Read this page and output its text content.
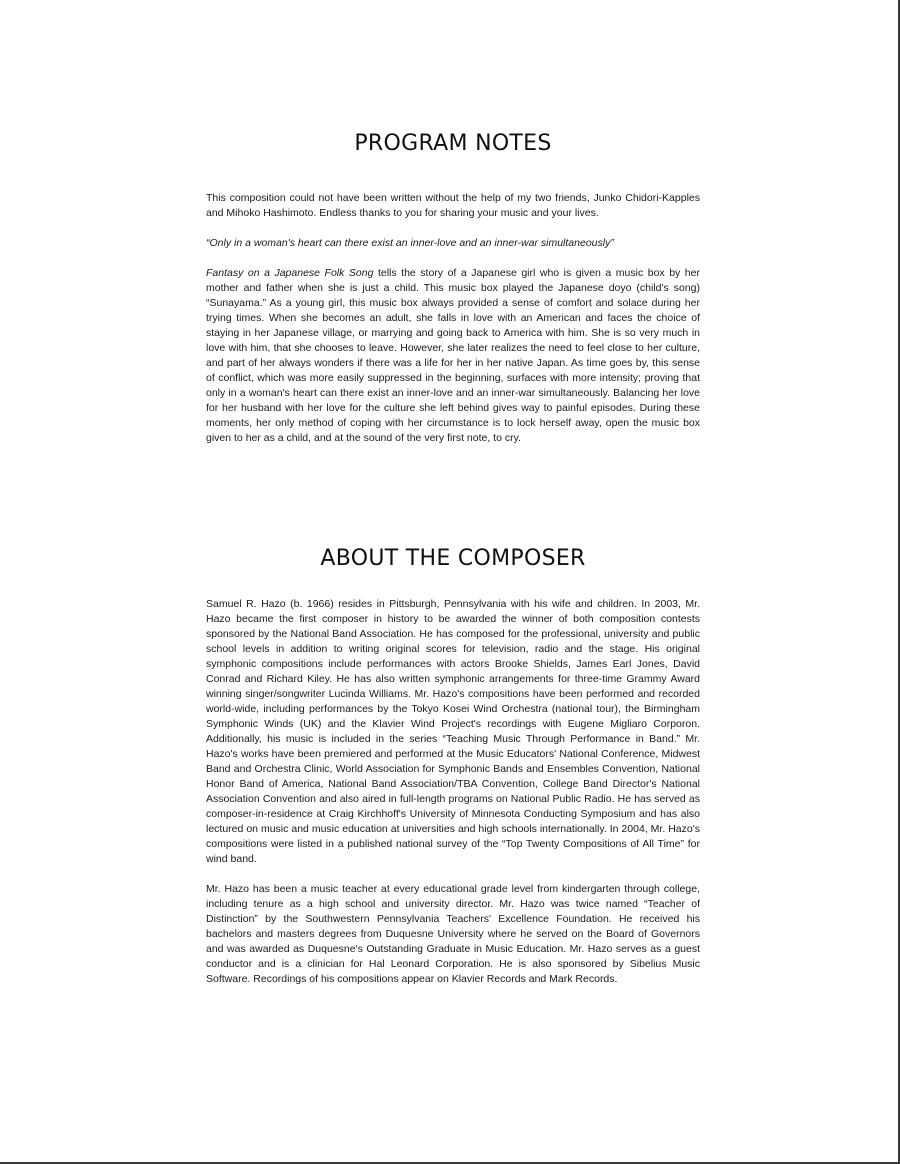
PROGRAM NOTES

This composition could not have been written without the help of my two friends, Junko Chidori-Kapples and Mihoko Hashimoto. Endless thanks to you for sharing your music and your lives.

“Only in a woman's heart can there exist an inner-love and an inner-war simultaneously”

Fantasy on a Japanese Folk Song tells the story of a Japanese girl who is given a music box by her mother and father when she is just a child. This music box played the Japanese doyo (child's song) “Sunayama.” As a young girl, this music box always provided a sense of comfort and solace during her trying times. When she becomes an adult, she falls in love with an American and faces the choice of staying in her Japanese village, or marrying and going back to America with him. She is so very much in love with him, that she chooses to leave. However, she later realizes the need to feel close to her culture, and part of her always wonders if there was a life for her in her native Japan. As time goes by, this sense of conflict, which was more easily suppressed in the beginning, surfaces with more intensity; proving that only in a woman's heart can there exist an inner-love and an inner-war simultaneously. Balancing her love for her husband with her love for the culture she left behind gives way to painful episodes. During these moments, her only method of coping with her circumstance is to lock herself away, open the music box given to her as a child, and at the sound of the very first note, to cry.

ABOUT THE COMPOSER

Samuel R. Hazo (b. 1966) resides in Pittsburgh, Pennsylvania with his wife and children. In 2003, Mr. Hazo became the first composer in history to be awarded the winner of both composition contests sponsored by the National Band Association. He has composed for the professional, university and public school levels in addition to writing original scores for television, radio and the stage. His original symphonic compositions include performances with actors Brooke Shields, James Earl Jones, David Conrad and Richard Kiley. He has also written symphonic arrangements for three-time Grammy Award winning singer/songwriter Lucinda Williams. Mr. Hazo's compositions have been performed and recorded world-wide, including performances by the Tokyo Kosei Wind Orchestra (national tour), the Birmingham Symphonic Winds (UK) and the Klavier Wind Project's recordings with Eugene Migliaro Corporon. Additionally, his music is included in the series “Teaching Music Through Performance in Band.” Mr. Hazo's works have been premiered and performed at the Music Educators' National Conference, Midwest Band and Orchestra Clinic, World Association for Symphonic Bands and Ensembles Convention, National Honor Band of America, National Band Association/TBA Convention, College Band Director's National Association Convention and also aired in full-length programs on National Public Radio. He has served as composer-in-residence at Craig Kirchhoff's University of Minnesota Conducting Symposium and has also lectured on music and music education at universities and high schools internationally. In 2004, Mr. Hazo's compositions were listed in a published national survey of the “Top Twenty Compositions of All Time” for wind band.

Mr. Hazo has been a music teacher at every educational grade level from kindergarten through college, including tenure as a high school and university director. Mr. Hazo was twice named “Teacher of Distinction” by the Southwestern Pennsylvania Teachers' Excellence Foundation. He received his bachelors and masters degrees from Duquesne University where he served on the Board of Governors and was awarded as Duquesne's Outstanding Graduate in Music Education. Mr. Hazo serves as a guest conductor and is a clinician for Hal Leonard Corporation. He is also sponsored by Sibelius Music Software. Recordings of his compositions appear on Klavier Records and Mark Records.
